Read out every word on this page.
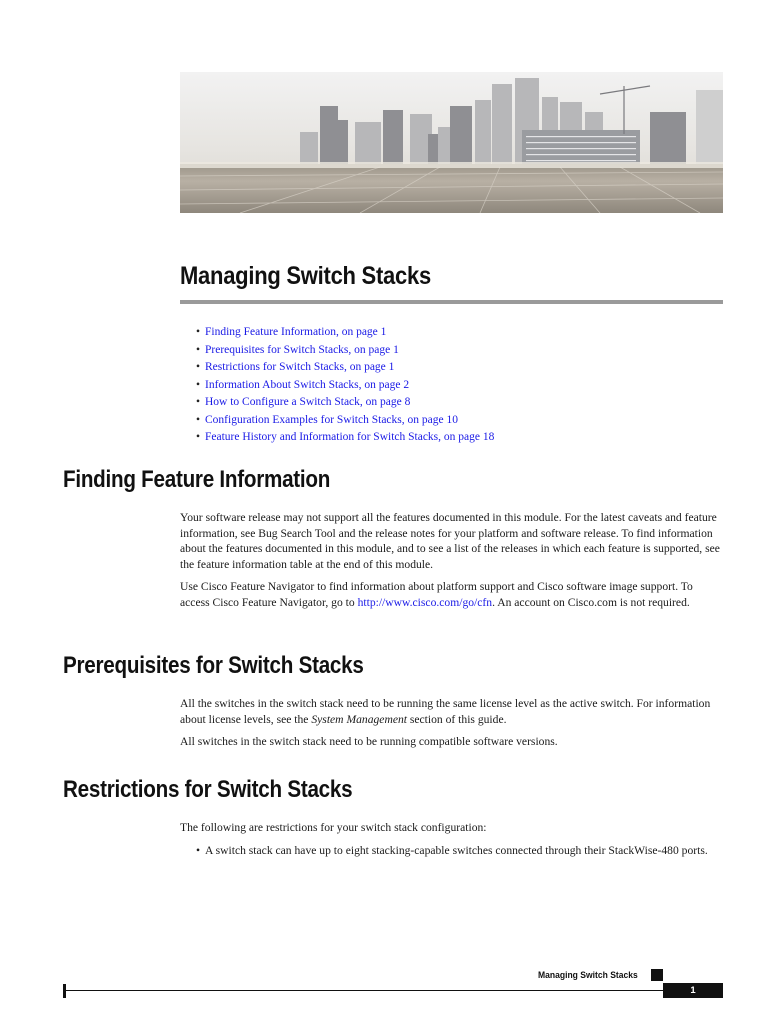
Managing Switch Stacks
• Finding Feature Information, on page 1
• Prerequisites for Switch Stacks, on page 1
• Restrictions for Switch Stacks, on page 1
• Information About Switch Stacks, on page 2
• How to Configure a Switch Stack, on page 8
• Configuration Examples for Switch Stacks, on page 10
• Feature History and Information for Switch Stacks, on page 18
Finding Feature Information

Your software release may not support all the features documented in this module. For the latest caveats and feature information, see Bug Search Tool and the release notes for your platform and software release. To find information about the features documented in this module, and to see a list of the releases in which each feature is supported, see the feature information table at the end of this module.

Use Cisco Feature Navigator to find information about platform support and Cisco software image support. To access Cisco Feature Navigator, go to http://www.cisco.com/go/cfn. An account on Cisco.com is not required.

Prerequisites for Switch Stacks

All the switches in the switch stack need to be running the same license level as the active switch. For information about license levels, see the System Management section of this guide.

All switches in the switch stack need to be running compatible software versions.

Restrictions for Switch Stacks

The following are restrictions for your switch stack configuration:

• A switch stack can have up to eight stacking-capable switches connected through their StackWise-480 ports.

Managing Switch Stacks
1
